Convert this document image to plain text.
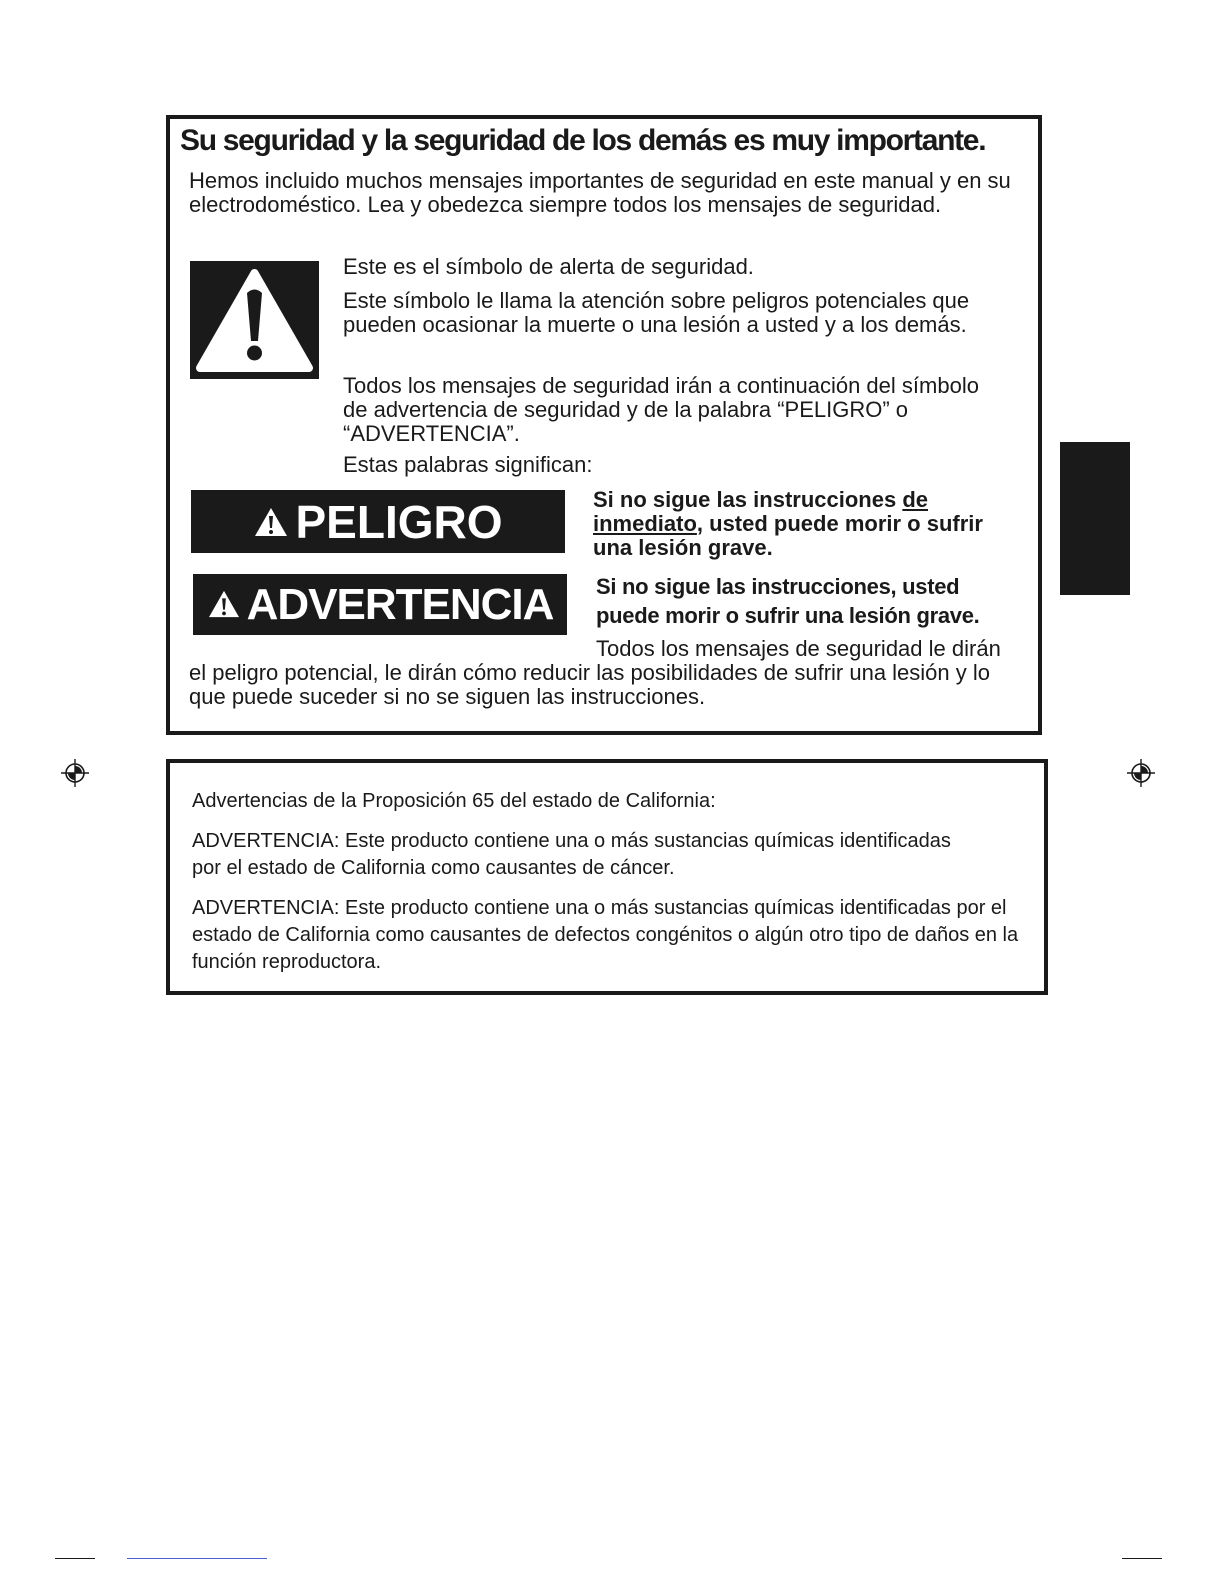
Su seguridad y la seguridad de los demás es muy importante.
Hemos incluido muchos mensajes importantes de seguridad en este manual y en su electrodoméstico. Lea y obedezca siempre todos los mensajes de seguridad.
Este es el símbolo de alerta de seguridad.
Este símbolo le llama la atención sobre peligros potenciales que pueden ocasionar la muerte o una lesión a usted y a los demás.
Todos los mensajes de seguridad irán a continuación del símbolo de advertencia de seguridad y de la palabra “PELIGRO” o “ADVERTENCIA”.
Estas palabras significan:
PELIGRO	Si no sigue las instrucciones de inmediato, usted puede morir o sufrir una lesión grave.
ADVERTENCIA Si no sigue las instrucciones, usted puede morir o sufrir una lesión grave.
Todos los mensajes de seguridad le dirán el peligro potencial, le dirán cómo reducir las posibilidades de sufrir una lesión y lo que puede suceder si no se siguen las instrucciones.
Advertencias de la Proposición 65 del estado de California:
ADVERTENCIA: Este producto contiene una o más sustancias químicas identificadas por el estado de California como causantes de cáncer.
ADVERTENCIA: Este producto contiene una o más sustancias químicas identificadas por el estado de California como causantes de defectos congénitos o algún otro tipo de daños en la función reproductora.
